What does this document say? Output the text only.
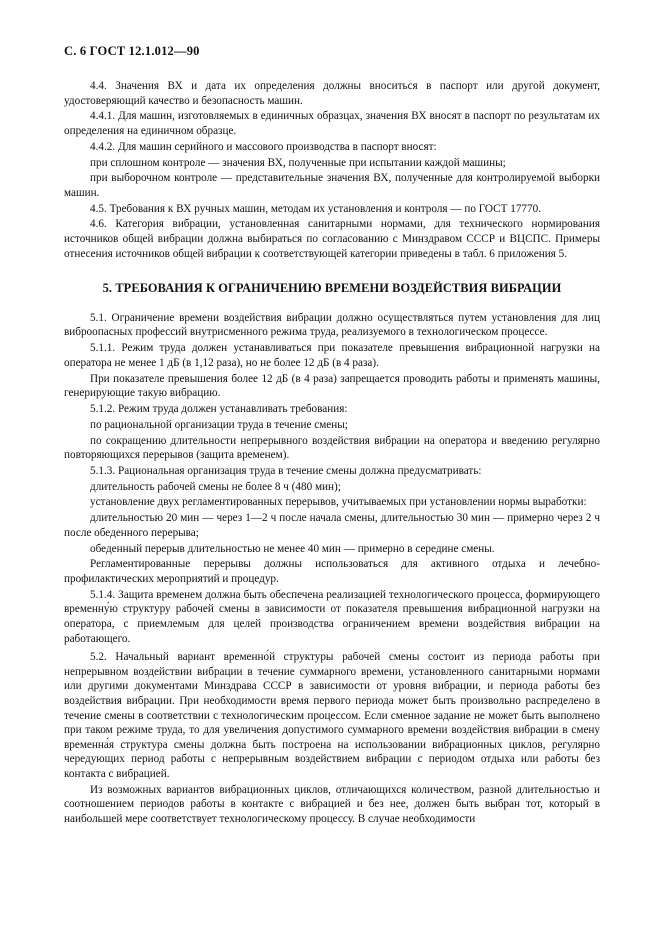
С. 6 ГОСТ 12.1.012—90

4.4. Значения ВХ и дата их определения должны вноситься в паспорт или другой документ, удостоверяющий качество и безопасность машин.

4.4.1. Для машин, изготовляемых в единичных образцах, значения ВХ вносят в паспорт по результатам их определения на единичном образце.

4.4.2. Для машин серийного и массового производства в паспорт вносят:

при сплошном контроле — значения ВХ, полученные при испытании каждой машины;

при выборочном контроле — представительные значения ВХ, полученные для контролируемой выборки машин.

4.5. Требования к ВХ ручных машин, методам их установления и контроля — по ГОСТ 17770.

4.6. Категория вибрации, установленная санитарными нормами, для технического нормирования источников общей вибрации должна выбираться по согласованию с Минздравом СССР и ВЦСПС. Примеры отнесения источников общей вибрации к соответствующей категории приведены в табл. 6 приложения 5.

5. ТРЕБОВАНИЯ К ОГРАНИЧЕНИЮ ВРЕМЕНИ ВОЗДЕЙСТВИЯ ВИБРАЦИИ

5.1. Ограничение времени воздействия вибрации должно осуществляться путем установления для лиц виброопасных профессий внутрисменного режима труда, реализуемого в технологическом процессе.

5.1.1. Режим труда должен устанавливаться при показателе превышения вибрационной нагрузки на оператора не менее 1 дБ (в 1,12 раза), но не более 12 дБ (в 4 раза).

При показателе превышения более 12 дБ (в 4 раза) запрещается проводить работы и применять машины, генерирующие такую вибрацию.

5.1.2. Режим труда должен устанавливать требования:

по рациональной организации труда в течение смены;

по сокращению длительности непрерывного воздействия вибрации на оператора и введению регулярно повторяющихся перерывов (защита временем).

5.1.3. Рациональная организация труда в течение смены должна предусматривать:

длительность рабочей смены не более 8 ч (480 мин);

установление двух регламентированных перерывов, учитываемых при установлении нормы выработки:

длительностью 20 мин — через 1—2 ч после начала смены, длительностью 30 мин — примерно через 2 ч после обеденного перерыва;

обеденный перерыв длительностью не менее 40 мин — примерно в середине смены.

Регламентированные перерывы должны использоваться для активного отдыха и лечебно-профилактических мероприятий и процедур.

5.1.4. Защита временем должна быть обеспечена реализацией технологического процесса, формирующего временну́ю структуру рабочей смены в зависимости от показателя превышения вибрационной нагрузки на оператора, с приемлемым для целей производства ограничением времени воздействия вибрации на работающего.

5.2. Начальный вариант временно́й структуры рабочей смены состоит из периода работы при непрерывном воздействии вибрации в течение суммарного времени, установленного санитарными нормами или другими документами Минздрава СССР в зависимости от уровня вибрации, и периода работы без воздействия вибрации. При необходимости время первого периода может быть произвольно распределено в течение смены в соответствии с технологическим процессом. Если сменное задание не может быть выполнено при таком режиме труда, то для увеличения допустимого суммарного времени воздействия вибрации в смену временна́я структура смены должна быть построена на использовании вибрационных циклов, регулярно чередующих период работы с непрерывным воздействием вибрации с периодом отдыха или работы без контакта с вибрацией.

Из возможных вариантов вибрационных циклов, отличающихся количеством, разной длительностью и соотношением периодов работы в контакте с вибрацией и без нее, должен быть выбран тот, который в наибольшей мере соответствует технологическому процессу. В случае необходимости
